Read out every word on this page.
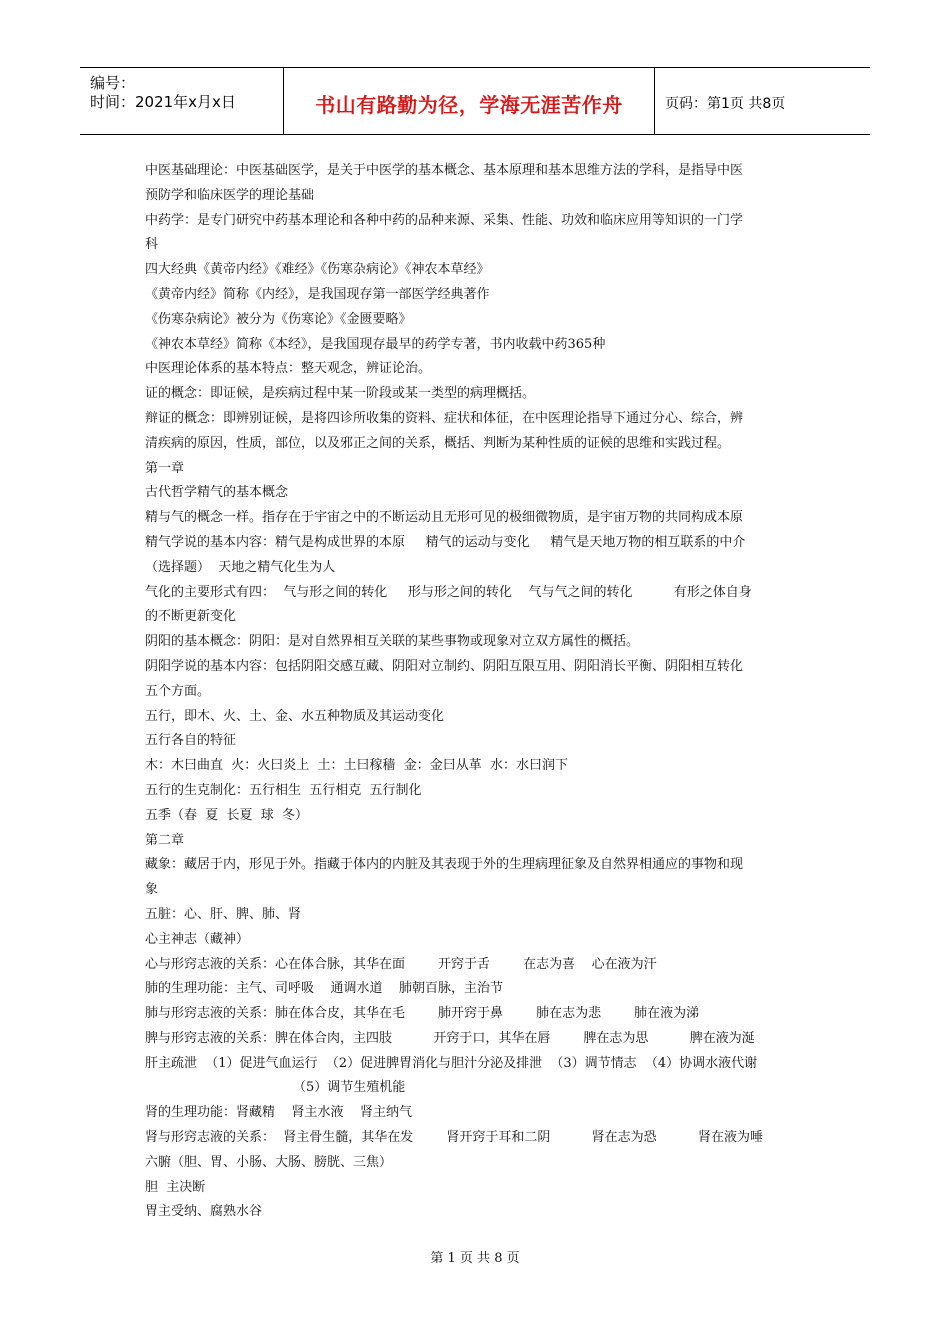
编号：
时间：2021年x月x日	书山有路勤为径，学海无涯苦作舟	页码：第1页 共8页
中医基础理论：中医基础医学，是关于中医学的基本概念、基本原理和基本思维方法的学科，是指导中医
预防学和临床医学的理论基础
中药学：是专门研究中药基本理论和各种中药的品种来源、采集、性能、功效和临床应用等知识的一门学
科
四大经典《黄帝内经》《难经》《伤寒杂病论》《神农本草经》
《黄帝内经》简称《内经》，是我国现存第一部医学经典著作
《伤寒杂病论》被分为《伤寒论》《金匮要略》
《神农本草经》简称《本经》，是我国现存最早的药学专著，书内收载中药365种
中医理论体系的基本特点：整天观念，辨证论治。
证的概念：即证候，是疾病过程中某一阶段或某一类型的病理概括。
辩证的概念：即辨别证候，是将四诊所收集的资料、症状和体征，在中医理论指导下通过分心、综合，辨
清疾病的原因，性质，部位，以及邪正之间的关系，概括、判断为某种性质的证候的思维和实践过程。
第一章
古代哲学精气的基本概念
精与气的概念一样。指存在于宇宙之中的不断运动且无形可见的极细微物质，是宇宙万物的共同构成本原
精气学说的基本内容：精气是构成世界的本原     精气的运动与变化     精气是天地万物的相互联系的中介
（选择题）  天地之精气化生为人
气化的主要形式有四：  气与形之间的转化     形与形之间的转化    气与气之间的转化          有形之体自身
的不断更新变化
阴阳的基本概念：阴阳：是对自然界相互关联的某些事物或现象对立双方属性的概括。
阴阳学说的基本内容：包括阴阳交感互藏、阴阳对立制约、阴阳互限互用、阴阳消长平衡、阴阳相互转化
五个方面。
五行，即木、火、土、金、水五种物质及其运动变化
五行各自的特征
木：木曰曲直  火：火曰炎上  土：土曰稼穑  金：金曰从革  水：水曰润下
五行的生克制化：五行相生  五行相克  五行制化
五季（春  夏  长夏  球  冬）
第二章
藏象：藏居于内，形见于外。指藏于体内的内脏及其表现于外的生理病理征象及自然界相通应的事物和现
象
五脏：心、肝、脾、肺、肾
心主神志（藏神）
心与形窍志液的关系：心在体合脉，其华在面        开窍于舌        在志为喜    心在液为汗
肺的生理功能：主气、司呼吸    通调水道    肺朝百脉，主治节
肺与形窍志液的关系：肺在体合皮，其华在毛        肺开窍于鼻        肺在志为悲        肺在液为涕
脾与形窍志液的关系：脾在体合肉，主四肢          开窍于口，其华在唇        脾在志为思          脾在液为涎
肝主疏泄  （1）促进气血运行  （2）促进脾胃消化与胆汁分泌及排泄  （3）调节情志  （4）协调水液代谢
（5）调节生殖机能
肾的生理功能：肾藏精    肾主水液    肾主纳气
肾与形窍志液的关系：  肾主骨生髓，其华在发        肾开窍于耳和二阴          肾在志为恐          肾在液为唾
六腑（胆、胃、小肠、大肠、膀胱、三焦）
胆  主决断
胃主受纳、腐熟水谷
第 1 页 共 8 页
